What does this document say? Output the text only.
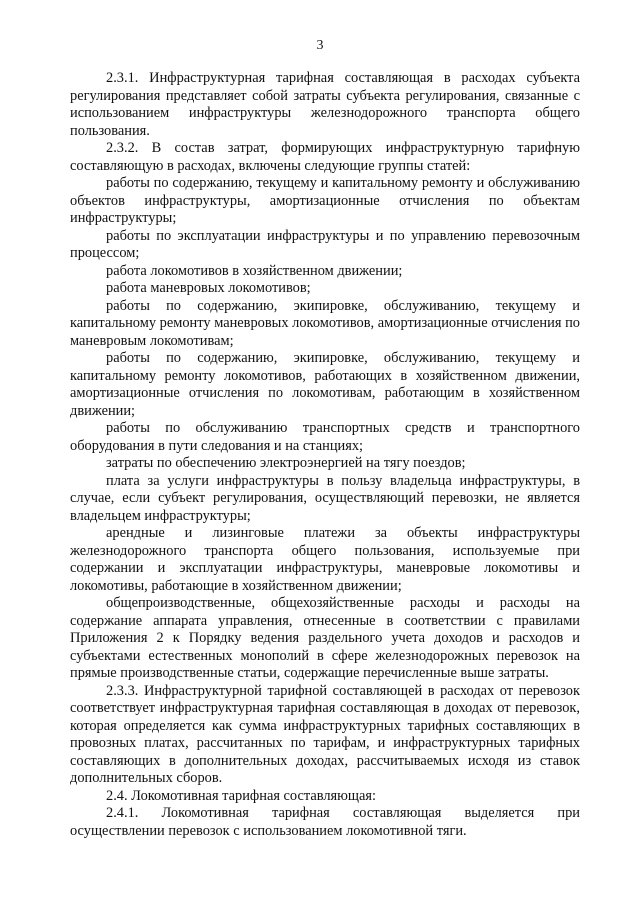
3

2.3.1. Инфраструктурная тарифная составляющая в расходах субъекта регулирования представляет собой затраты субъекта регулирования, связанные с использованием инфраструктуры железнодорожного транспорта общего пользования.

2.3.2. В состав затрат, формирующих инфраструктурную тарифную составляющую в расходах, включены следующие группы статей:

работы по содержанию, текущему и капитальному ремонту и обслуживанию объектов инфраструктуры, амортизационные отчисления по объектам инфраструктуры;

работы по эксплуатации инфраструктуры и по управлению перевозочным процессом;

работа локомотивов в хозяйственном движении;

работа маневровых локомотивов;

работы по содержанию, экипировке, обслуживанию, текущему и капитальному ремонту маневровых локомотивов, амортизационные отчисления по маневровым локомотивам;

работы по содержанию, экипировке, обслуживанию, текущему и капитальному ремонту локомотивов, работающих в хозяйственном движении, амортизационные отчисления по локомотивам, работающим в хозяйственном движении;

работы по обслуживанию транспортных средств и транспортного оборудования в пути следования и на станциях;

затраты по обеспечению электроэнергией на тягу поездов;

плата за услуги инфраструктуры в пользу владельца инфраструктуры, в случае, если субъект регулирования, осуществляющий перевозки, не является владельцем инфраструктуры;

арендные и лизинговые платежи за объекты инфраструктуры железнодорожного транспорта общего пользования, используемые при содержании и эксплуатации инфраструктуры, маневровые локомотивы и локомотивы, работающие в хозяйственном движении;

общепроизводственные, общехозяйственные расходы и расходы на содержание аппарата управления, отнесенные в соответствии с правилами Приложения 2 к Порядку ведения раздельного учета доходов и расходов и субъектами естественных монополий в сфере железнодорожных перевозок на прямые производственные статьи, содержащие перечисленные выше затраты.

2.3.3. Инфраструктурной тарифной составляющей в расходах от перевозок соответствует инфраструктурная тарифная составляющая в доходах от перевозок, которая определяется как сумма инфраструктурных тарифных составляющих в провозных платах, рассчитанных по тарифам, и инфраструктурных тарифных составляющих в дополнительных доходах, рассчитываемых исходя из ставок дополнительных сборов.

2.4. Локомотивная тарифная составляющая:

2.4.1. Локомотивная тарифная составляющая выделяется при осуществлении перевозок с использованием локомотивной тяги.
